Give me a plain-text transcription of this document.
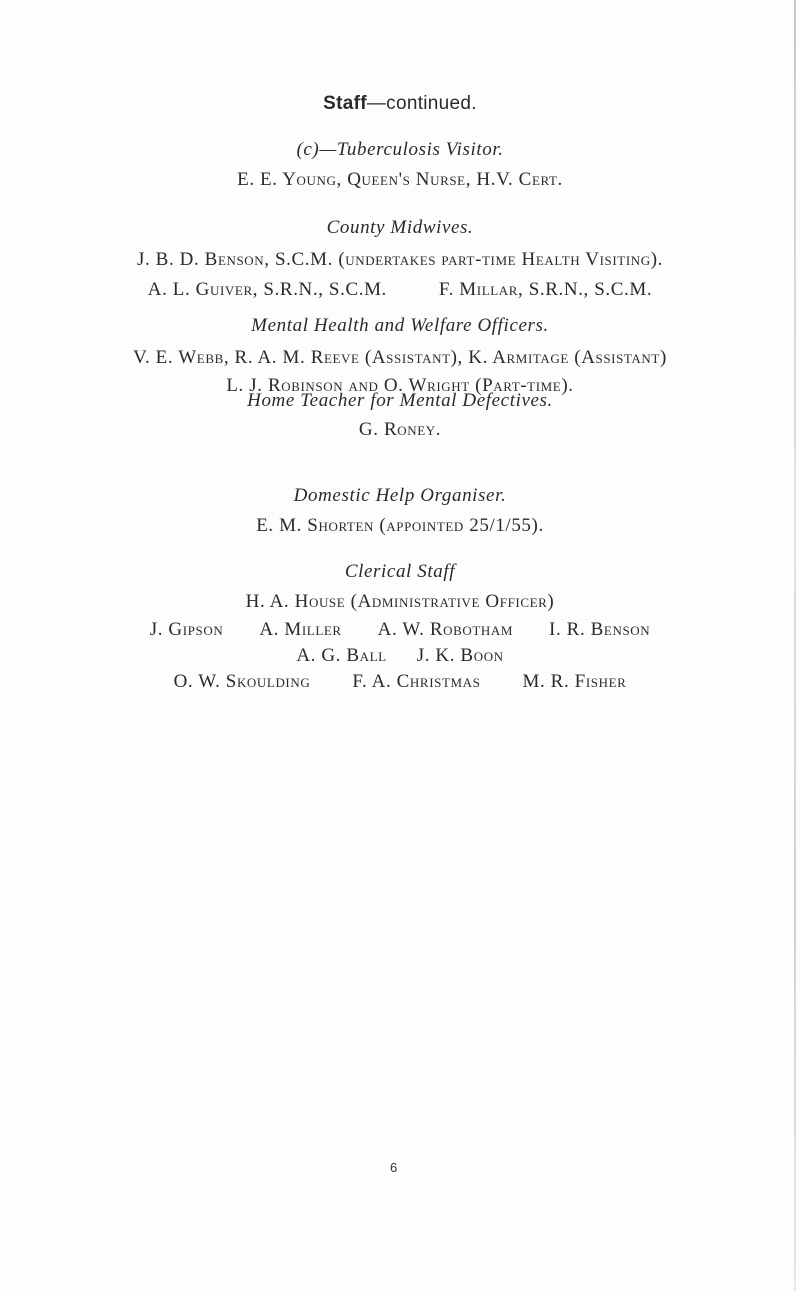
Staff—continued.
(c)—Tuberculosis Visitor.
E. E. Young, Queen's Nurse, H.V. Cert.
County Midwives.
J. B. D. Benson, S.C.M. (undertakes part-time Health Visiting).
A. L. Guiver, S.R.N., S.C.M.	F. Millar, S.R.N., S.C.M.
Mental Health and Welfare Officers.
V. E. Webb, R. A. M. Reeve (Assistant), K. Armitage (Assistant)
L. J. Robinson and O. Wright (Part-time).
Home Teacher for Mental Defectives.
G. Roney.
Domestic Help Organiser.
E. M. Shorten (appointed 25/1/55).
Clerical Staff
H. A. House (Administrative Officer)
J. Gipson A. Miller A. W. Robotham I. R. Benson
A. G. Ball J. K. Boon
O. W. Skoulding F. A. Christmas M. R. Fisher
6
